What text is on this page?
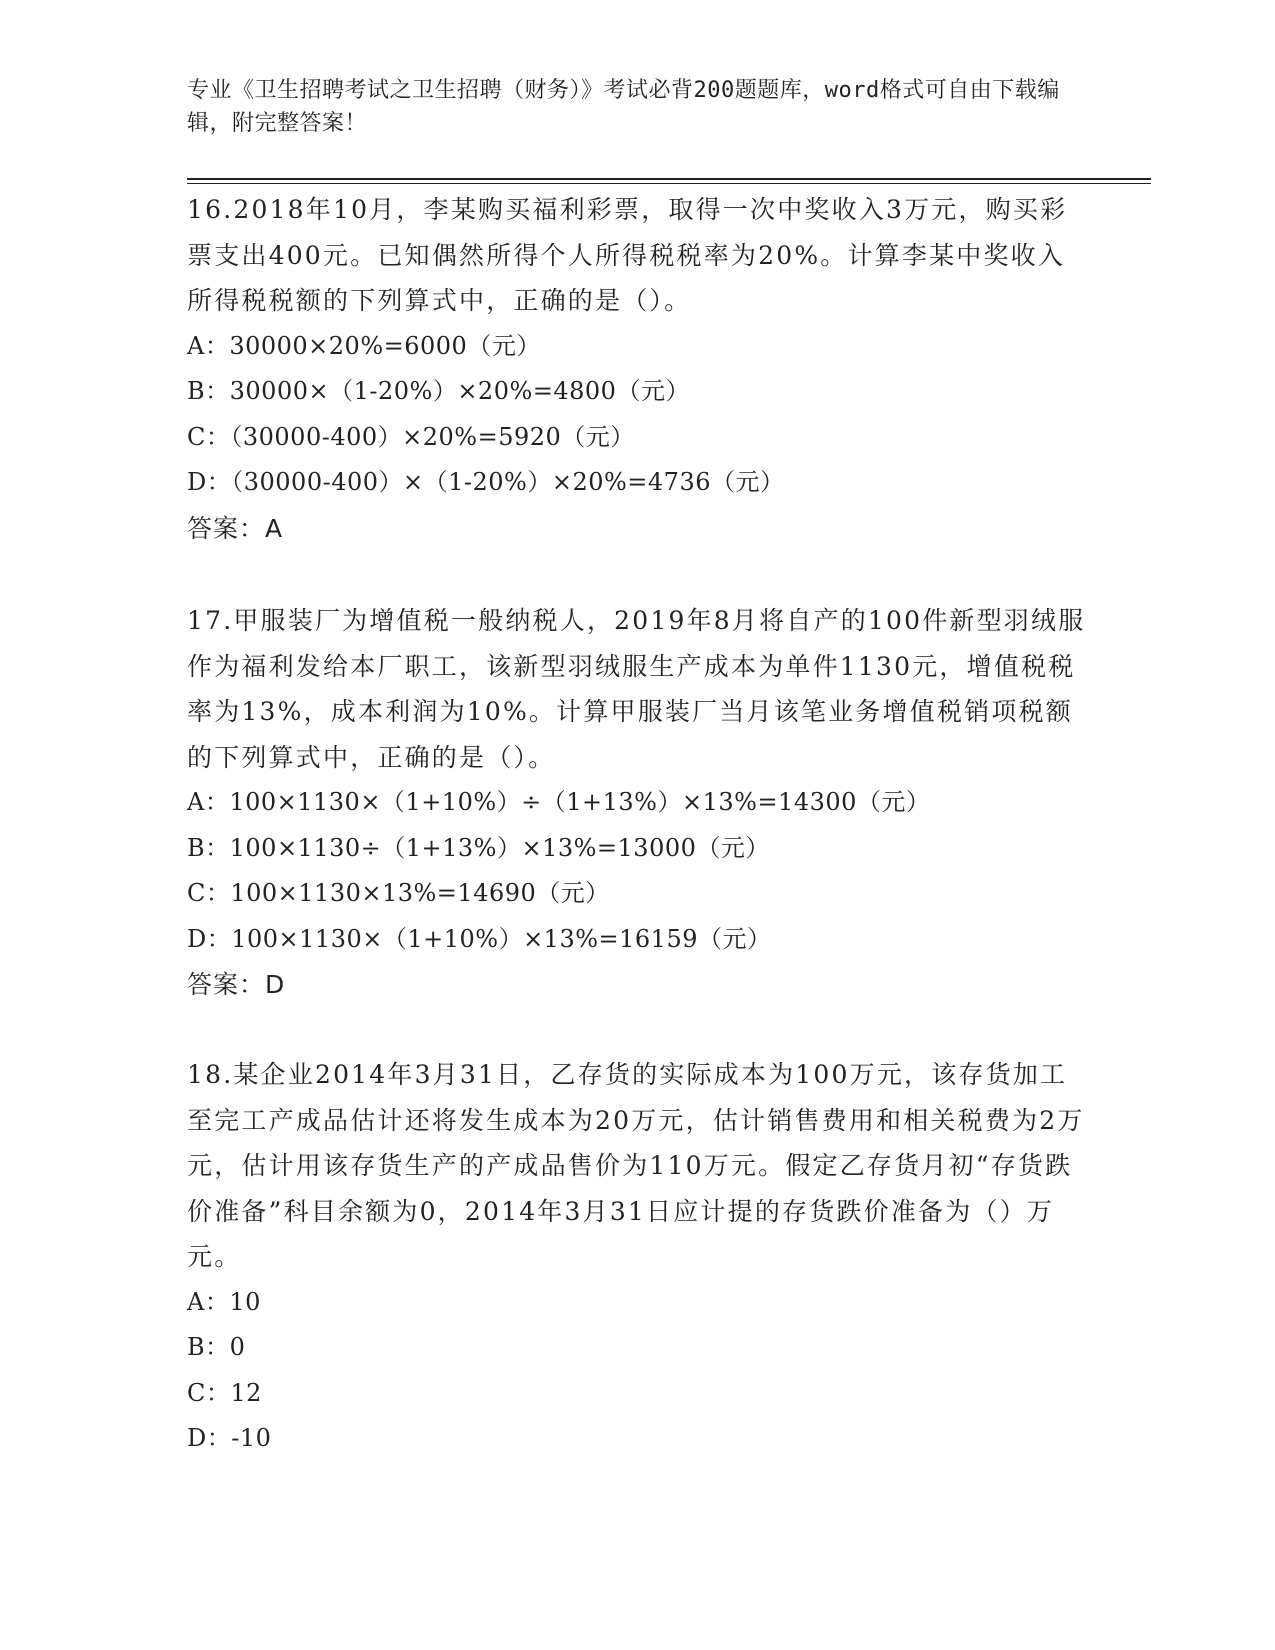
专业《卫生招聘考试之卫生招聘（财务）》考试必背200题题库，word格式可自由下载编辑，附完整答案！

16.2018年10月，李某购买福利彩票，取得一次中奖收入3万元，购买彩票支出400元。已知偶然所得个人所得税税率为20%。计算李某中奖收入所得税税额的下列算式中，正确的是（）。

A：30000×20%=6000（元）

B：30000×（1-20%）×20%=4800（元）

C：（30000-400）×20%=5920（元）

D：（30000-400）×（1-20%）×20%=4736（元）

答案：A

17.甲服装厂为增值税一般纳税人，2019年8月将自产的100件新型羽绒服作为福利发给本厂职工，该新型羽绒服生产成本为单件1130元，增值税税率为13%，成本利润为10%。计算甲服装厂当月该笔业务增值税销项税额的下列算式中，正确的是（）。

A：100×1130×（1+10%）÷（1+13%）×13%=14300（元）

B：100×1130÷（1+13%）×13%=13000（元）

C：100×1130×13%=14690（元）

D：100×1130×（1+10%）×13%=16159（元）

答案：D

18.某企业2014年3月31日，乙存货的实际成本为100万元，该存货加工至完工产成品估计还将发生成本为20万元，估计销售费用和相关税费为2万元，估计用该存货生产的产成品售价为110万元。假定乙存货月初“存货跌价准备”科目余额为0，2014年3月31日应计提的存货跌价准备为（）万元。

A：10

B：0

C：12

D：-10
